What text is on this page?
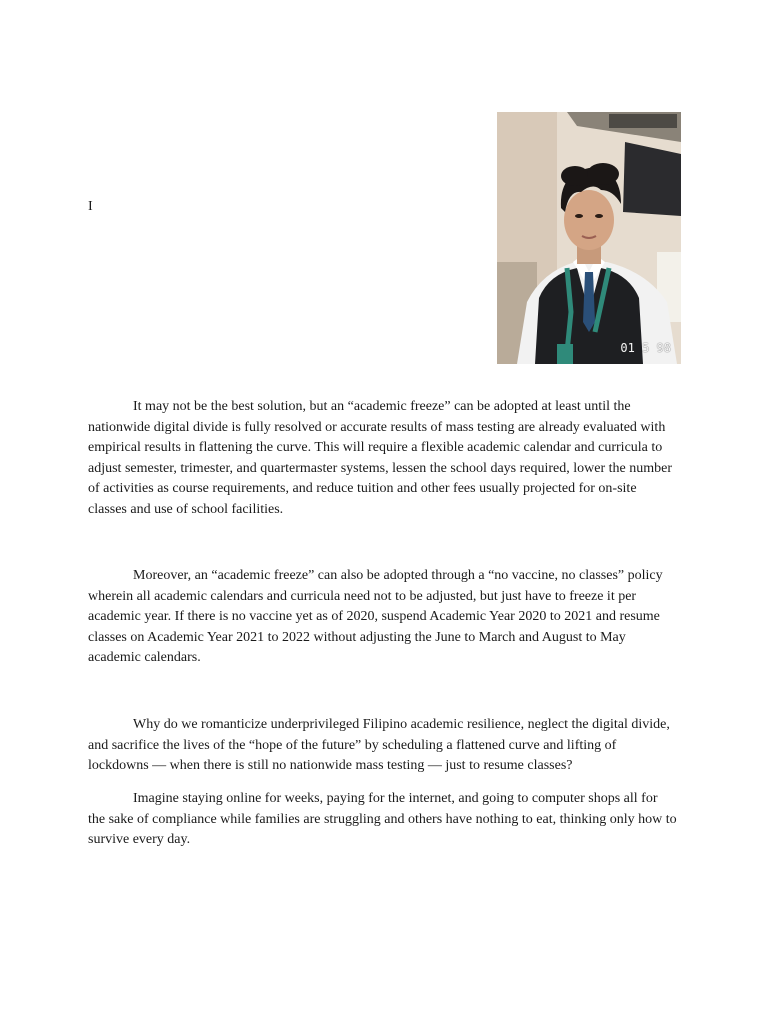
I
01 5 98

It may not be the best solution, but an “academic freeze” can be adopted at least until the nationwide digital divide is fully resolved or accurate results of mass testing are already evaluated with empirical results in flattening the curve. This will require a flexible academic calendar and curricula to adjust semester, trimester, and quartermaster systems, lessen the school days required, lower the number of activities as course requirements, and reduce tuition and other fees usually projected for on-site classes and use of school facilities.

Moreover, an “academic freeze” can also be adopted through a “no vaccine, no classes” policy wherein all academic calendars and curricula need not to be adjusted, but just have to freeze it per academic year. If there is no vaccine yet as of 2020, suspend Academic Year 2020 to 2021 and resume classes on Academic Year 2021 to 2022 without adjusting the June to March and August to May academic calendars.

Why do we romanticize underprivileged Filipino academic resilience, neglect the digital divide, and sacrifice the lives of the “hope of the future” by scheduling a flattened curve and lifting of lockdowns — when there is still no nationwide mass testing — just to resume classes?

Imagine staying online for weeks, paying for the internet, and going to computer shops all for the sake of compliance while families are struggling and others have nothing to eat, thinking only how to survive every day.
